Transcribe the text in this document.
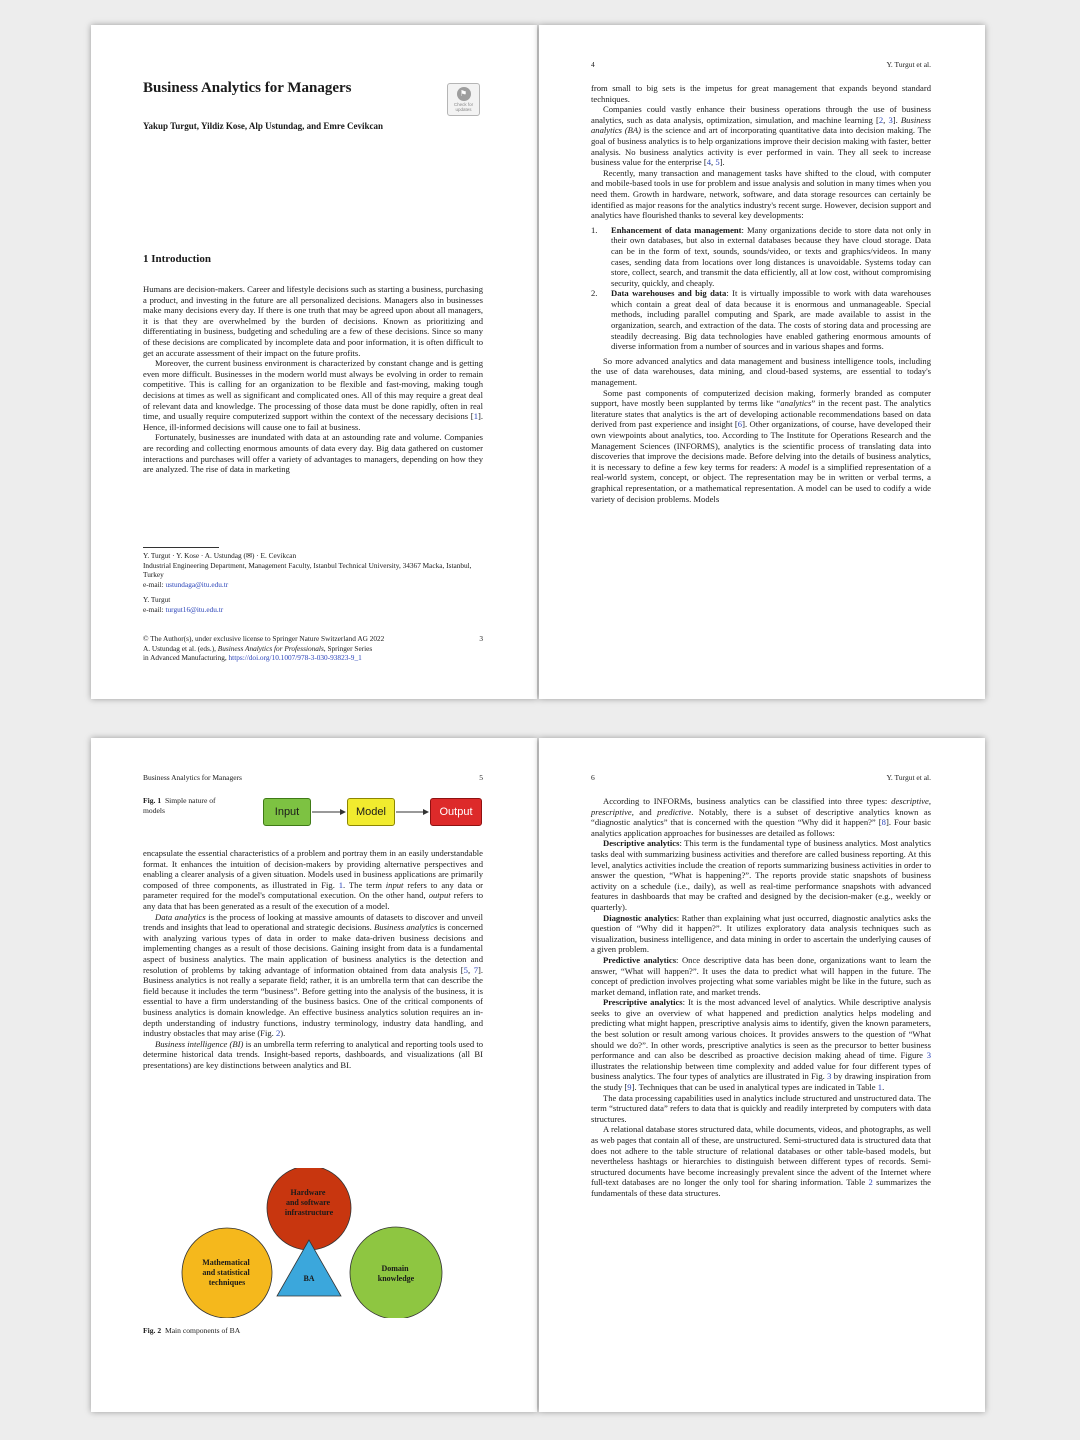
Business Analytics for Managers	⚑
Check for
updates
Yakup Turgut, Yildiz Kose, Alp Ustundag, and Emre Cevikcan
1 Introduction

Humans are decision-makers. Career and lifestyle decisions such as starting a business, purchasing a product, and investing in the future are all personalized decisions. Managers also in businesses make many decisions every day. If there is one truth that may be agreed upon about all managers, it is that they are overwhelmed by the burden of decisions. Known as prioritizing and differentiating in business, budgeting and scheduling are a few of these decisions. Since so many of these decisions are complicated by incomplete data and poor information, it is often difficult to get an accurate assessment of their impact on the future profits.

Moreover, the current business environment is characterized by constant change and is getting even more difficult. Businesses in the modern world must always be evolving in order to remain competitive. This is calling for an organization to be flexible and fast-moving, making tough decisions at times as well as significant and complicated ones. All of this may require a great deal of relevant data and knowledge. The processing of those data must be done rapidly, often in real time, and usually require computerized support within the context of the necessary decisions [1]. Hence, ill-informed decisions will cause one to fail at business.

Fortunately, businesses are inundated with data at an astounding rate and volume. Companies are recording and collecting enormous amounts of data every day. Big data gathered on customer interactions and purchases will offer a variety of advantages to managers, depending on how they are analyzed. The rise of data in marketing

Y. Turgut · Y. Kose · A. Ustundag (✉) · E. Cevikcan
Industrial Engineering Department, Management Faculty, Istanbul Technical University, 34367 Macka, Istanbul, Turkey
e-mail: ustundaga@itu.edu.tr
Y. Turgut
e-mail: turgut16@itu.edu.tr
© The Author(s), under exclusive license to Springer Nature Switzerland AG 2022	3
A. Ustundag et al. (eds.), Business Analytics for Professionals, Springer Series
in Advanced Manufacturing, https://doi.org/10.1007/978-3-030-93823-9_1
4	Y. Turgut et al.

from small to big sets is the impetus for great management that expands beyond standard techniques.

Companies could vastly enhance their business operations through the use of business analytics, such as data analysis, optimization, simulation, and machine learning [2, 3]. Business analytics (BA) is the science and art of incorporating quantitative data into decision making. The goal of business analytics is to help organizations improve their decision making with faster, better analysis. No business analytics activity is ever performed in vain. They all seek to increase business value for the enterprise [4, 5].

Recently, many transaction and management tasks have shifted to the cloud, with computer and mobile-based tools in use for problem and issue analysis and solution in many times when you need them. Growth in hardware, network, software, and data storage resources can certainly be identified as major reasons for the analytics industry's recent surge. However, decision support and analytics have flourished thanks to several key developments:

1.	Enhancement of data management: Many organizations decide to store data not only in their own databases, but also in external databases because they have cloud storage. Data can be in the form of text, sounds, sounds/video, or texts and graphics/videos. In many cases, sending data from locations over long distances is unavoidable. Systems today can store, collect, search, and transmit the data efficiently, all at low cost, without compromising security, quickly, and cheaply.
2.	Data warehouses and big data: It is virtually impossible to work with data warehouses which contain a great deal of data because it is enormous and unmanageable. Special methods, including parallel computing and Spark, are made available to assist in the organization, search, and extraction of the data. The costs of storing data and processing are steadily decreasing. Big data technologies have enabled gathering enormous amounts of diverse information from a number of sources and in various shapes and forms.

So more advanced analytics and data management and business intelligence tools, including the use of data warehouses, data mining, and cloud-based systems, are essential to today's management.

Some past components of computerized decision making, formerly branded as computer support, have mostly been supplanted by terms like “analytics” in the recent past. The analytics literature states that analytics is the art of developing actionable recommendations based on data derived from past experience and insight [6]. Other organizations, of course, have developed their own viewpoints about analytics, too. According to The Institute for Operations Research and the Management Sciences (INFORMS), analytics is the scientific process of translating data into discoveries that improve the decisions made. Before delving into the details of business analytics, it is necessary to define a few key terms for readers: A model is a simplified representation of a real-world system, concept, or object. The representation may be in written or verbal terms, a graphical representation, or a mathematical representation. A model can be used to codify a wide variety of decision problems. Models

Business Analytics for Managers	5
Fig. 1 Simple nature of models	Input	Model	Output

encapsulate the essential characteristics of a problem and portray them in an easily understandable format. It enhances the intuition of decision-makers by providing alternative perspectives and enabling a clearer analysis of a given situation. Models used in business applications are primarily composed of three components, as illustrated in Fig. 1. The term input refers to any data or parameter required for the model's computational execution. On the other hand, output refers to any data that has been generated as a result of the execution of a model.

Data analytics is the process of looking at massive amounts of datasets to discover and unveil trends and insights that lead to operational and strategic decisions. Business analytics is concerned with analyzing various types of data in order to make data-driven business decisions and implementing changes as a result of those decisions. Gaining insight from data is a fundamental aspect of business analytics. The main application of business analytics is the detection and resolution of problems by taking advantage of information obtained from data analysis [5, 7]. Business analytics is not really a separate field; rather, it is an umbrella term that can describe the field because it includes the term “business”. Before getting into the analysis of the business, it is essential to have a firm understanding of the business basics. One of the critical components of business analytics is domain knowledge. An effective business analytics solution requires an in-depth understanding of industry functions, industry terminology, industry data handling, and industry obstacles that may arise (Fig. 2).

Business intelligence (BI) is an umbrella term referring to analytical and reporting tools used to determine historical data trends. Insight-based reports, dashboards, and visualizations (all BI presentations) are key distinctions between analytics and BI.

Hardware and software infrastructure
Mathematical and statistical techniques
Domain knowledge
BA
Fig. 2 Main components of BA
6	Y. Turgut et al.

According to INFORMs, business analytics can be classified into three types: descriptive, prescriptive, and predictive. Notably, there is a subset of descriptive analytics known as “diagnostic analytics” that is concerned with the question “Why did it happen?” [8]. Four basic analytics application approaches for businesses are detailed as follows:

Descriptive analytics: This term is the fundamental type of business analytics. Most analytics tasks deal with summarizing business activities and therefore are called business reporting. At this level, analytics activities include the creation of reports summarizing business activities in order to answer the question, “What is happening?”. The reports provide static snapshots of business activity on a schedule (i.e., daily), as well as real-time performance snapshots with advanced features in dashboards that may be crafted and designed by the decision-maker (e.g., weekly or quarterly).

Diagnostic analytics: Rather than explaining what just occurred, diagnostic analytics asks the question of “Why did it happen?”. It utilizes exploratory data analysis techniques such as visualization, business intelligence, and data mining in order to ascertain the underlying causes of a given problem.

Predictive analytics: Once descriptive data has been done, organizations want to learn the answer, “What will happen?”. It uses the data to predict what will happen in the future. The concept of prediction involves projecting what some variables might be like in the future, such as market demand, inflation rate, and market trends.

Prescriptive analytics: It is the most advanced level of analytics. While descriptive analysis seeks to give an overview of what happened and prediction analytics helps modeling and predicting what might happen, prescriptive analysis aims to identify, given the known parameters, the best solution or result among various choices. It provides answers to the question of “What should we do?”. In other words, prescriptive analytics is seen as the precursor to better business performance and can also be described as proactive decision making ahead of time. Figure 3 illustrates the relationship between time complexity and added value for four different types of business analytics. The four types of analytics are illustrated in Fig. 3 by drawing inspiration from the study [9]. Techniques that can be used in analytical types are indicated in Table 1.

The data processing capabilities used in analytics include structured and unstructured data. The term “structured data” refers to data that is quickly and readily interpreted by computers with data structures.

A relational database stores structured data, while documents, videos, and photographs, as well as web pages that contain all of these, are unstructured. Semi-structured data is structured data that does not adhere to the table structure of relational databases or other table-based models, but nevertheless hashtags or hierarchies to distinguish between different types of records. Semi-structured documents have become increasingly prevalent since the advent of the Internet where full-text databases are no longer the only tool for sharing information. Table 2 summarizes the fundamentals of these data structures.
